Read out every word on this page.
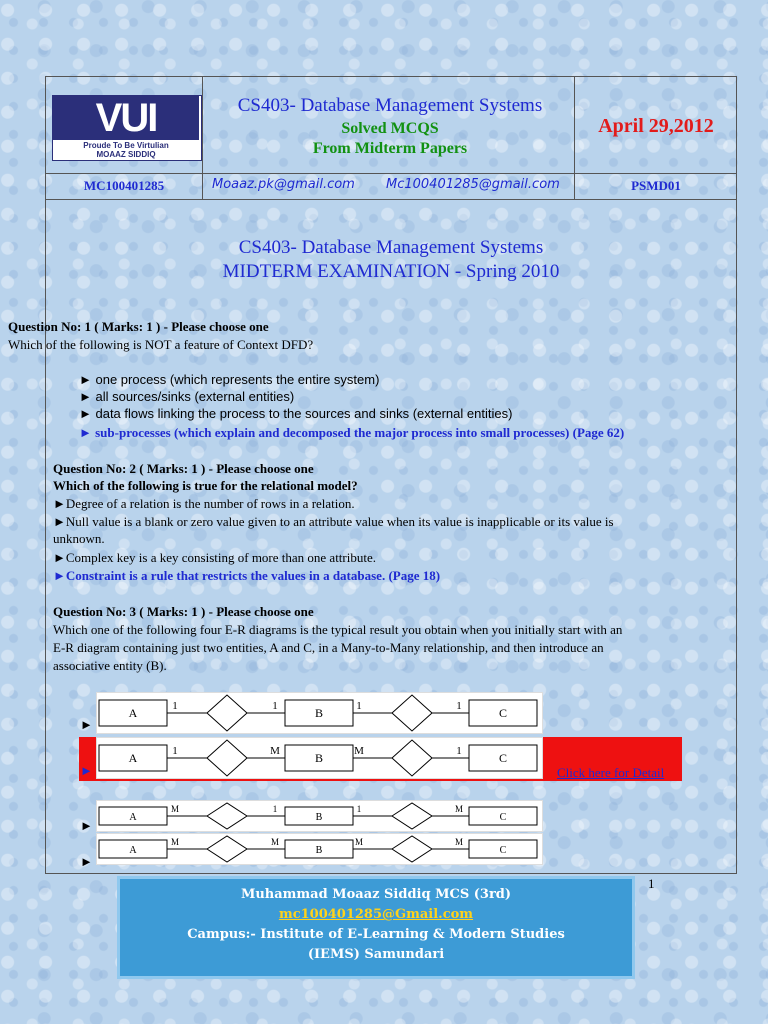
VUI
Proude To Be Virtulian
MOAAZ SIDDIQ
CS403- Database Management Systems
Solved MCQS
From Midterm Papers
April 29,2012
MC100401285	Moaaz.pk@gmail.com Mc100401285@gmail.com	PSMD01
CS403- Database Management Systems
MIDTERM EXAMINATION - Spring 2010
Question No: 1 ( Marks: 1 ) - Please choose one
Which of the following is NOT a feature of Context DFD?
► one process (which represents the entire system)
► all sources/sinks (external entities)
► data flows linking the process to the sources and sinks (external entities)
► sub-processes (which explain and decomposed the major process into small processes) (Page 62)
Question No: 2 ( Marks: 1 ) - Please choose one
Which of the following is true for the relational model?
►Degree of a relation is the number of rows in a relation.
►Null value is a blank or zero value given to an attribute value when its value is inapplicable or its value is
unknown.
►Complex key is a key consisting of more than one attribute.
►Constraint is a rule that restricts the values in a database. (Page 18)
Question No: 3 ( Marks: 1 ) - Please choose one
Which one of the following four E-R diagrams is the typical result you obtain when you initially start with an
E-R diagram containing just two entities, A and C, in a Many-to-Many relationship, and then introduce an
associative entity (B).
A	B	C
1	1	1	1
A	B	C
1	M	M	1
A	B	C
M	1	1	M
A	B	C
M	M	M	M
►
►
►
►
Click here for Detail
Muhammad Moaaz Siddiq MCS (3rd)
mc100401285@Gmail.com
Campus:- Institute of E-Learning & Modern Studies
(IEMS) Samundari
1
